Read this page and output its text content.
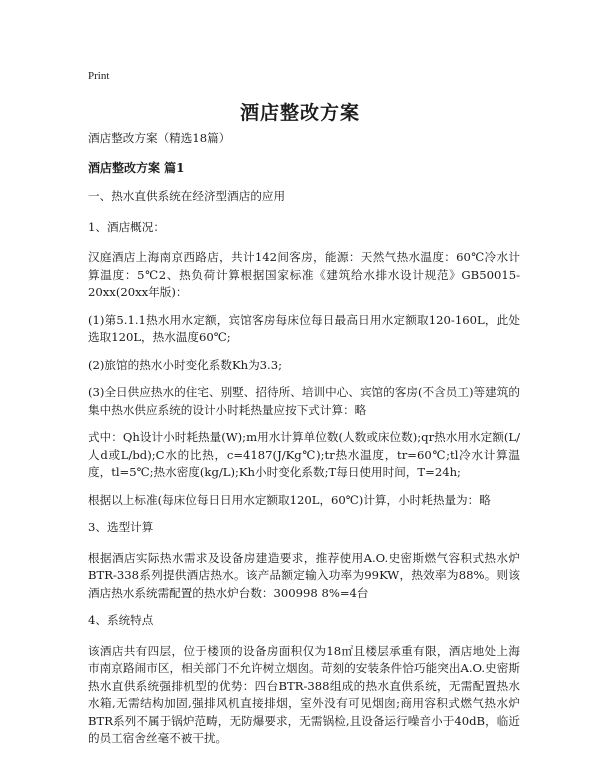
Print
酒店整改方案

酒店整改方案（精选18篇）

酒店整改方案 篇1

一、热水直供系统在经济型酒店的应用

1、酒店概况：

汉庭酒店上海南京西路店，共计142间客房，能源：天然气热水温度：60℃冷水计算温度：5℃2、热负荷计算根据国家标准《建筑给水排水设计规范》GB50015-20xx(20xx年版)：

(1)第5.1.1热水用水定额，宾馆客房每床位每日最高日用水定额取120-160L，此处选取120L，热水温度60℃;

(2)旅馆的热水小时变化系数Kh为3.3;

(3)全日供应热水的住宅、别墅、招待所、培训中心、宾馆的客房(不含员工)等建筑的集中热水供应系统的设计小时耗热量应按下式计算：略

式中：Qh设计小时耗热量(W);m用水计算单位数(人数或床位数);qr热水用水定额(L/人d或L/bd);C水的比热，c=4187(J/Kg℃);tr热水温度，tr=60℃;tl冷水计算温度，tl=5℃;热水密度(kg/L);Kh小时变化系数;T每日使用时间，T=24h;

根据以上标准(每床位每日日用水定额取120L，60℃)计算，小时耗热量为：略

3、选型计算

根据酒店实际热水需求及设备房建造要求，推荐使用A.O.史密斯燃气容积式热水炉BTR-338系列提供酒店热水。该产品额定输入功率为99KW，热效率为88%。则该酒店热水系统需配置的热水炉台数：300998 8%=4台

4、系统特点

该酒店共有四层，位于楼顶的设备房面积仅为18㎡且楼层承重有限，酒店地处上海市南京路闹市区，相关部门不允许树立烟囱。苛刻的安装条件恰巧能突出A.O.史密斯热水直供系统强排机型的优势：四台BTR-388组成的热水直供系统，无需配置热水水箱,无需结构加固,强排风机直接排烟，室外没有可见烟囱;商用容积式燃气热水炉BTR系列不属于锅炉范畴，无防爆要求，无需锅检,且设备运行噪音小于40dB，临近的员工宿舍丝毫不被干扰。
